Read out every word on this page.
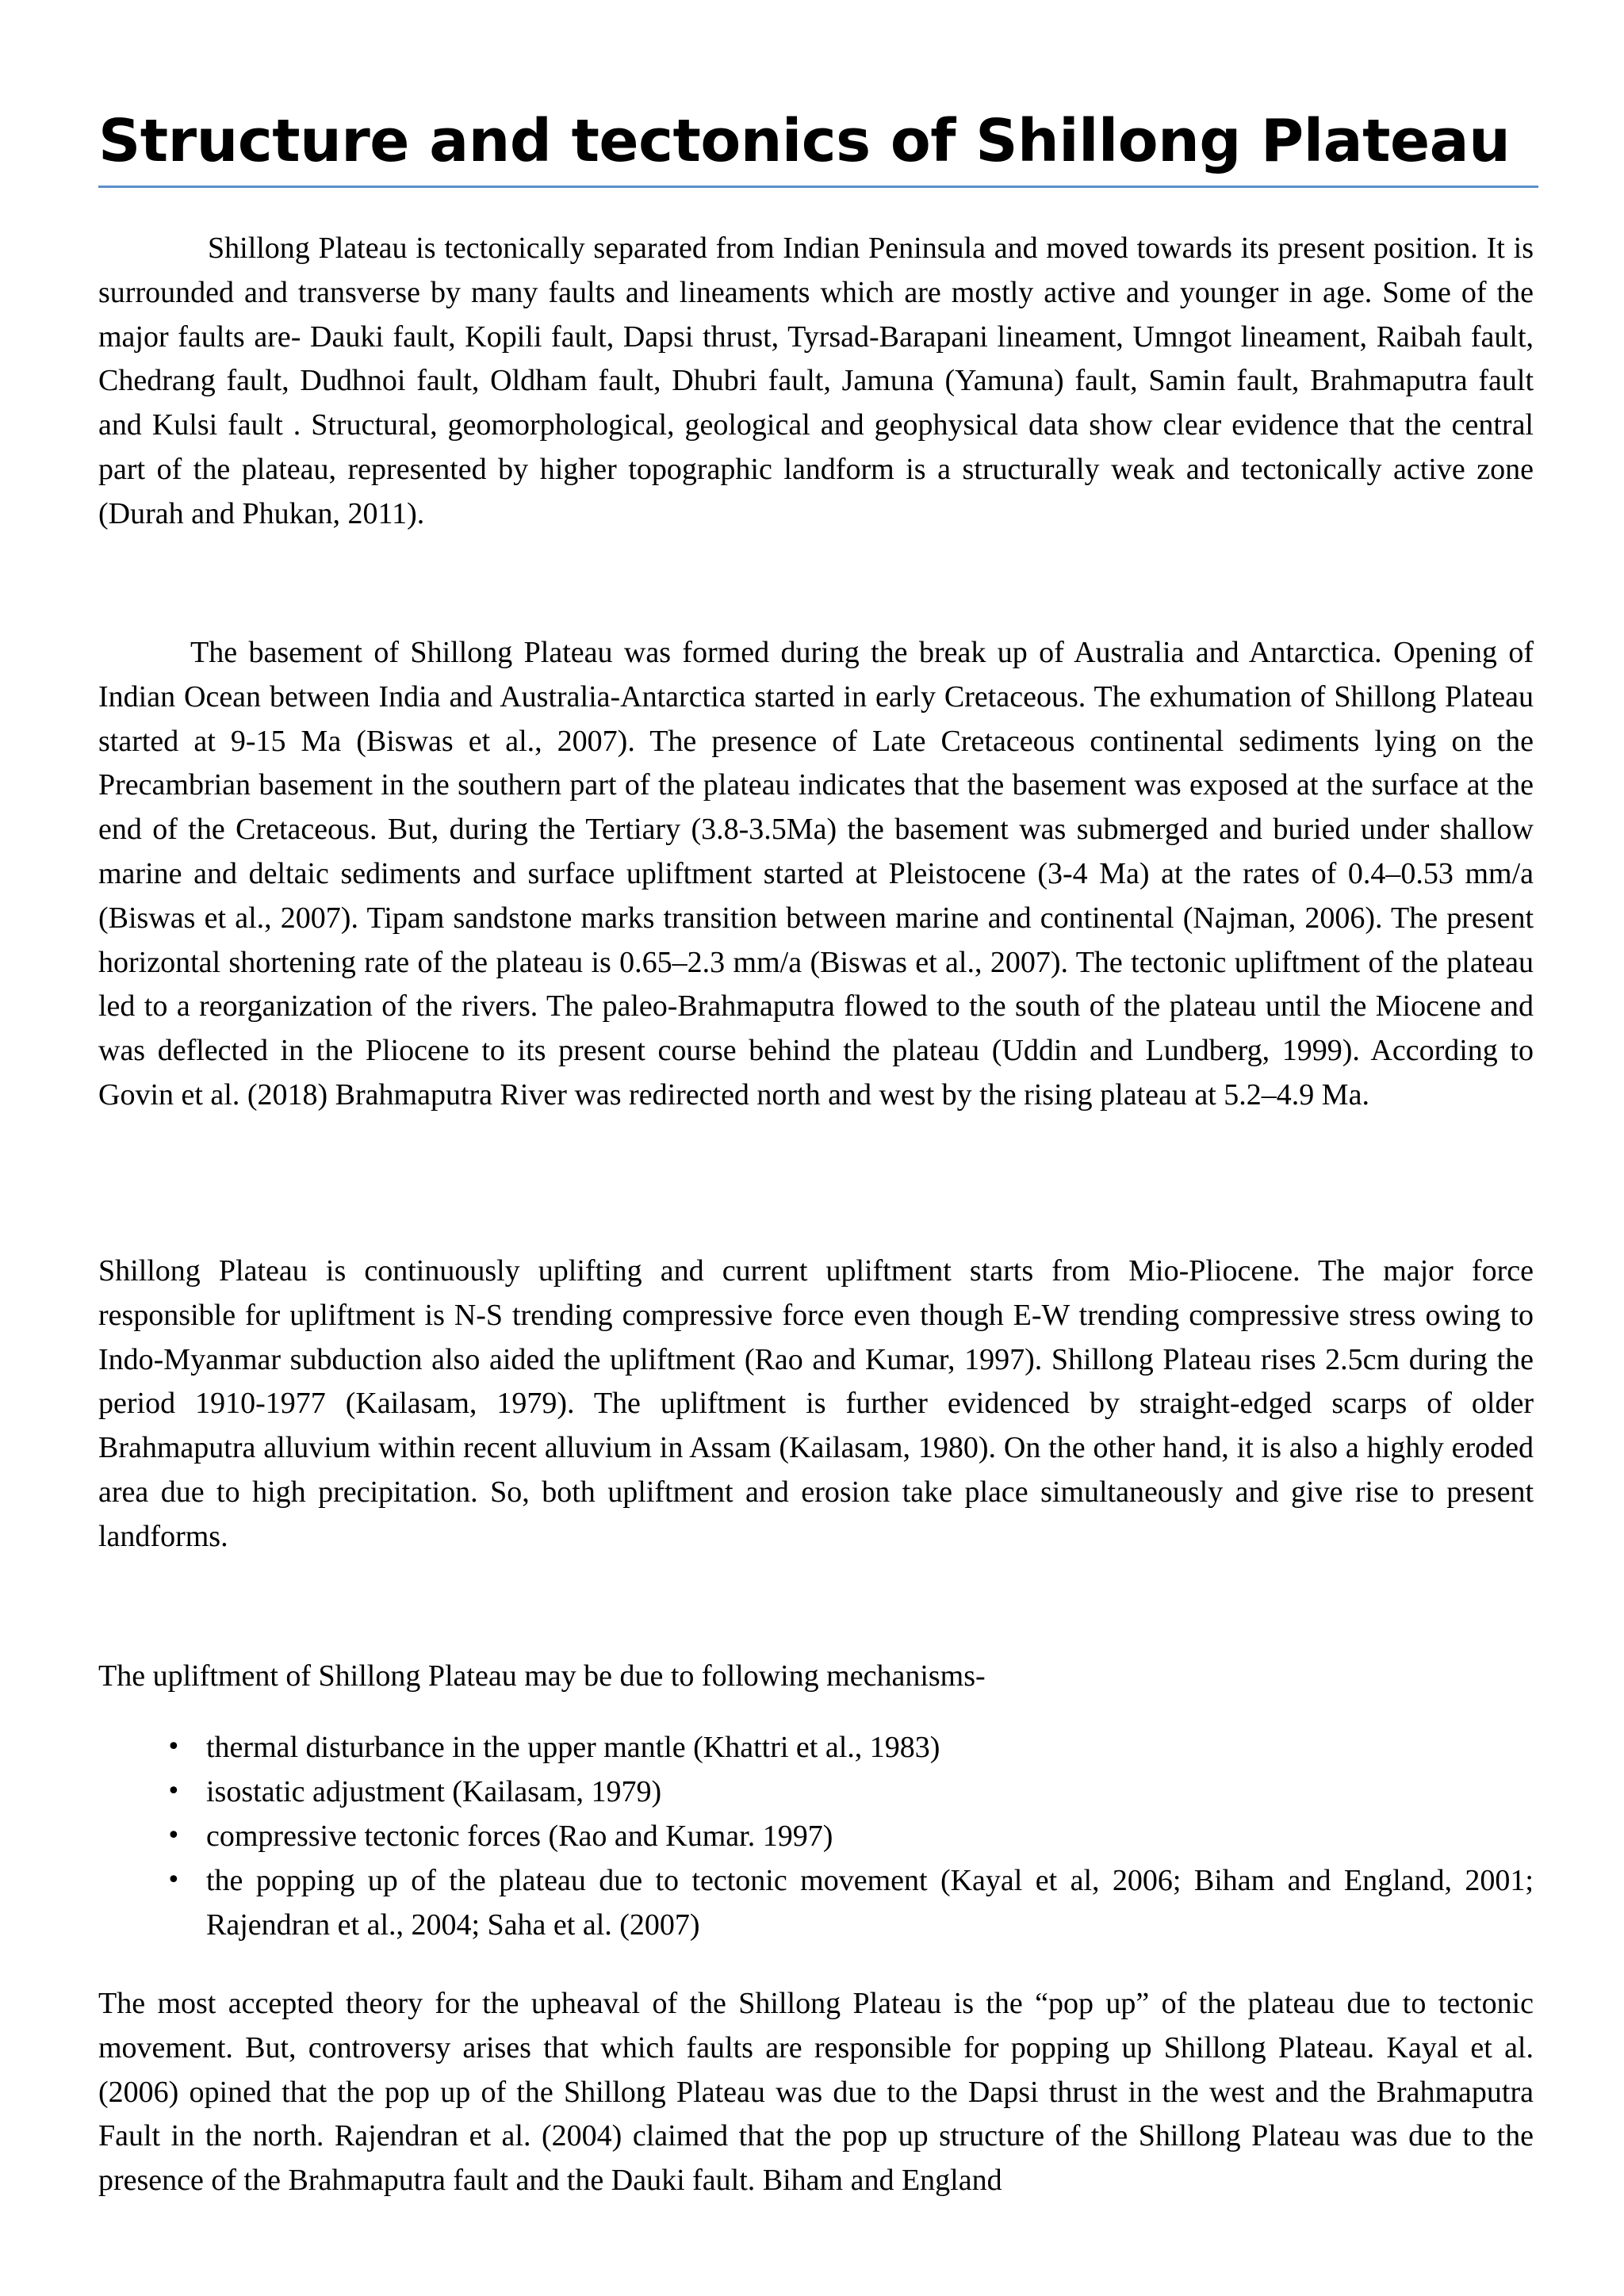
Structure and tectonics of Shillong Plateau

Shillong Plateau is tectonically separated from Indian Peninsula and moved towards its present position. It is surrounded and transverse by many faults and lineaments which are mostly active and younger in age. Some of the major faults are- Dauki fault, Kopili fault, Dapsi thrust, Tyrsad-Barapani lineament, Umngot lineament, Raibah fault, Chedrang fault, Dudhnoi fault, Oldham fault, Dhubri fault, Jamuna (Yamuna) fault, Samin fault, Brahmaputra fault and Kulsi fault . Structural, geomorphological, geological and geophysical data show clear evidence that the central part of the plateau, represented by higher topographic landform is a structurally weak and tectonically active zone (Durah and Phukan, 2011).

The basement of Shillong Plateau was formed during the break up of Australia and Antarctica. Opening of Indian Ocean between India and Australia-Antarctica started in early Cretaceous. The exhumation of Shillong Plateau started at 9-15 Ma (Biswas et al., 2007). The presence of Late Cretaceous continental sediments lying on the Precambrian basement in the southern part of the plateau indicates that the basement was exposed at the surface at the end of the Cretaceous. But, during the Tertiary (3.8-3.5Ma) the basement was submerged and buried under shallow marine and deltaic sediments and surface upliftment started at Pleistocene (3-4 Ma) at the rates of 0.4–0.53 mm/a (Biswas et al., 2007). Tipam sandstone marks transition between marine and continental (Najman, 2006). The present horizontal shortening rate of the plateau is 0.65–2.3 mm/a (Biswas et al., 2007). The tectonic upliftment of the plateau led to a reorganization of the rivers. The paleo-Brahmaputra flowed to the south of the plateau until the Miocene and was deflected in the Pliocene to its present course behind the plateau (Uddin and Lundberg, 1999). According to Govin et al. (2018) Brahmaputra River was redirected north and west by the rising plateau at 5.2–4.9 Ma.

Shillong Plateau is continuously uplifting and current upliftment starts from Mio-Pliocene. The major force responsible for upliftment is N-S trending compressive force even though E-W trending compressive stress owing to Indo-Myanmar subduction also aided the upliftment (Rao and Kumar, 1997). Shillong Plateau rises 2.5cm during the period 1910-1977 (Kailasam, 1979). The upliftment is further evidenced by straight-edged scarps of older Brahmaputra alluvium within recent alluvium in Assam (Kailasam, 1980). On the other hand, it is also a highly eroded area due to high precipitation. So, both upliftment and erosion take place simultaneously and give rise to present landforms.

The upliftment of Shillong Plateau may be due to following mechanisms-

• thermal disturbance in the upper mantle (Khattri et al., 1983)
• isostatic adjustment (Kailasam, 1979)
• compressive tectonic forces (Rao and Kumar. 1997)
• the popping up of the plateau due to tectonic movement (Kayal et al, 2006; Biham and England, 2001; Rajendran et al., 2004; Saha et al. (2007)

The most accepted theory for the upheaval of the Shillong Plateau is the “pop up” of the plateau due to tectonic movement. But, controversy arises that which faults are responsible for popping up Shillong Plateau. Kayal et al. (2006) opined that the pop up of the Shillong Plateau was due to the Dapsi thrust in the west and the Brahmaputra Fault in the north. Rajendran et al. (2004) claimed that the pop up structure of the Shillong Plateau was due to the presence of the Brahmaputra fault and the Dauki fault. Biham and England
